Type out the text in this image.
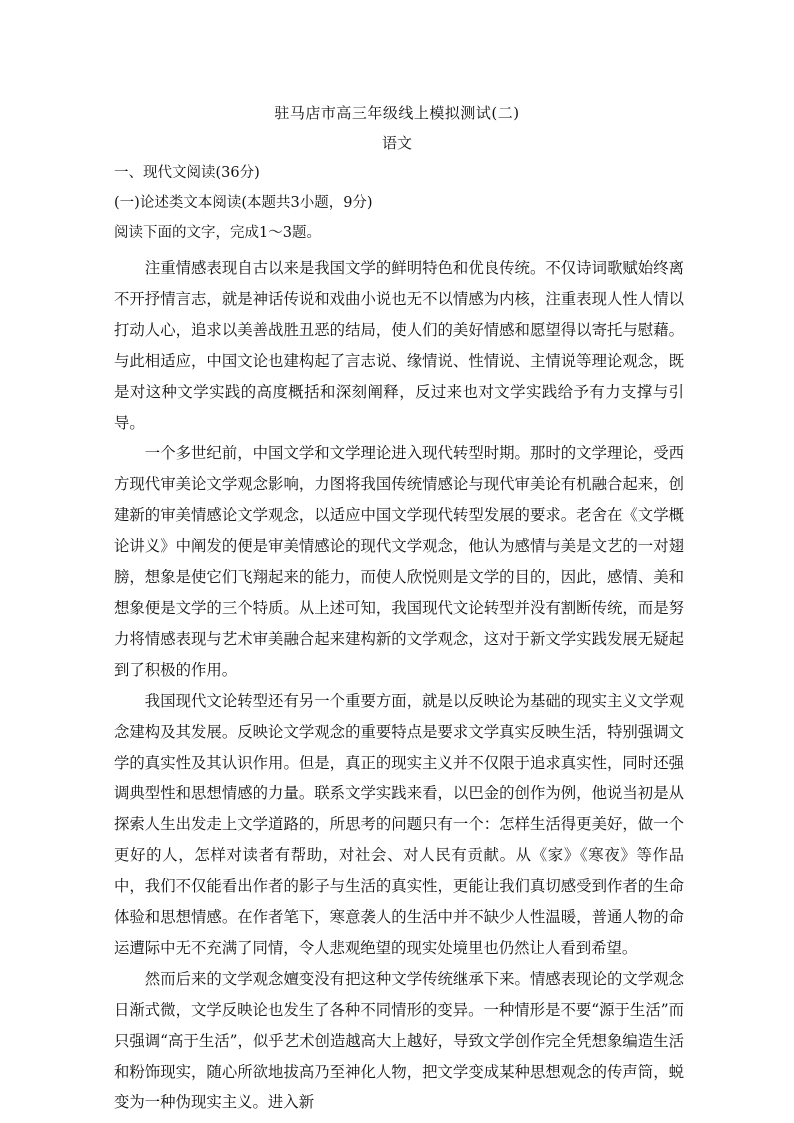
驻马店市高三年级线上模拟测试(二)
语文
一、现代文阅读(36分)
(一)论述类文本阅读(本题共3小题，9分)
阅读下面的文字，完成1～3题。

注重情感表现自古以来是我国文学的鲜明特色和优良传统。不仅诗词歌赋始终离不开抒情言志，就是神话传说和戏曲小说也无不以情感为内核，注重表现人性人情以打动人心，追求以美善战胜丑恶的结局，使人们的美好情感和愿望得以寄托与慰藉。与此相适应，中国文论也建构起了言志说、缘情说、性情说、主情说等理论观念，既是对这种文学实践的高度概括和深刻阐释，反过来也对文学实践给予有力支撑与引导。

一个多世纪前，中国文学和文学理论进入现代转型时期。那时的文学理论，受西方现代审美论文学观念影响，力图将我国传统情感论与现代审美论有机融合起来，创建新的审美情感论文学观念，以适应中国文学现代转型发展的要求。老舍在《文学概论讲义》中阐发的便是审美情感论的现代文学观念，他认为感情与美是文艺的一对翅膀，想象是使它们飞翔起来的能力，而使人欣悦则是文学的目的，因此，感情、美和想象便是文学的三个特质。从上述可知，我国现代文论转型并没有割断传统，而是努力将情感表现与艺术审美融合起来建构新的文学观念，这对于新文学实践发展无疑起到了积极的作用。

我国现代文论转型还有另一个重要方面，就是以反映论为基础的现实主义文学观念建构及其发展。反映论文学观念的重要特点是要求文学真实反映生活，特别强调文学的真实性及其认识作用。但是，真正的现实主义并不仅限于追求真实性，同时还强调典型性和思想情感的力量。联系文学实践来看，以巴金的创作为例，他说当初是从探索人生出发走上文学道路的，所思考的问题只有一个：怎样生活得更美好，做一个更好的人，怎样对读者有帮助，对社会、对人民有贡献。从《家》《寒夜》等作品中，我们不仅能看出作者的影子与生活的真实性，更能让我们真切感受到作者的生命体验和思想情感。在作者笔下，寒意袭人的生活中并不缺少人性温暖，普通人物的命运遭际中无不充满了同情，令人悲观绝望的现实处境里也仍然让人看到希望。

然而后来的文学观念嬗变没有把这种文学传统继承下来。情感表现论的文学观念日渐式微，文学反映论也发生了各种不同情形的变异。一种情形是不要“源于生活”而只强调“高于生活”，似乎艺术创造越高大上越好，导致文学创作完全凭想象编造生活和粉饰现实，随心所欲地拔高乃至神化人物，把文学变成某种思想观念的传声筒，蜕变为一种伪现实主义。进入新
